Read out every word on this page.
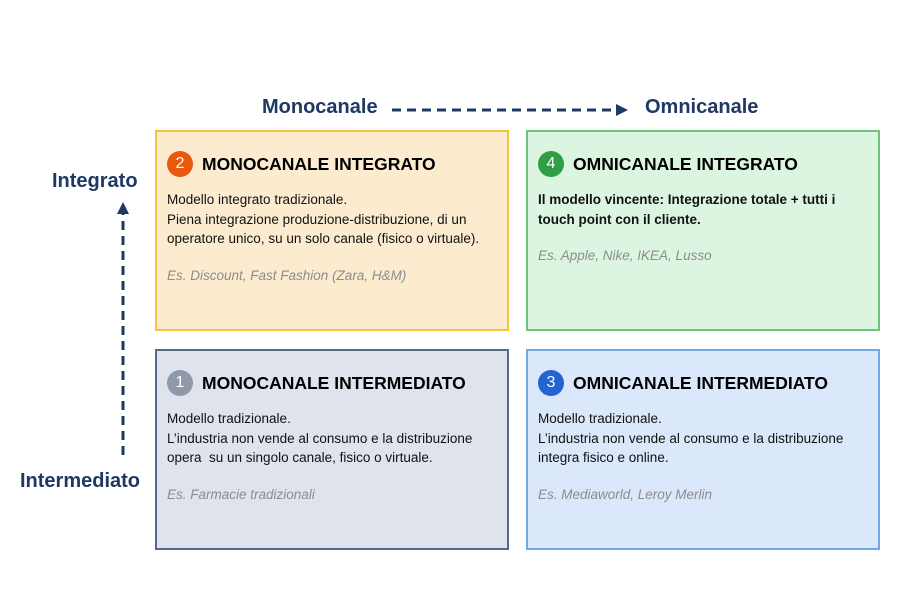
Monocanale	Omnicanale
Integrato
Intermediato
2	MONOCANALE INTEGRATO
Modello integrato tradizionale.
Piena integrazione produzione-distribuzione, di un operatore unico, su un solo canale (fisico o virtuale).
Es. Discount, Fast Fashion (Zara, H&M)
4	OMNICANALE INTEGRATO
Il modello vincente: Integrazione totale + tutti i touch point con il cliente.
Es. Apple, Nike, IKEA, Lusso
1	MONOCANALE INTERMEDIATO
Modello tradizionale.
L’industria non vende al consumo e la distribuzione opera  su un singolo canale, fisico o virtuale.
Es. Farmacie tradizionali
3	OMNICANALE INTERMEDIATO
Modello tradizionale.
L’industria non vende al consumo e la distribuzione integra fisico e online.
Es. Mediaworld, Leroy Merlin
